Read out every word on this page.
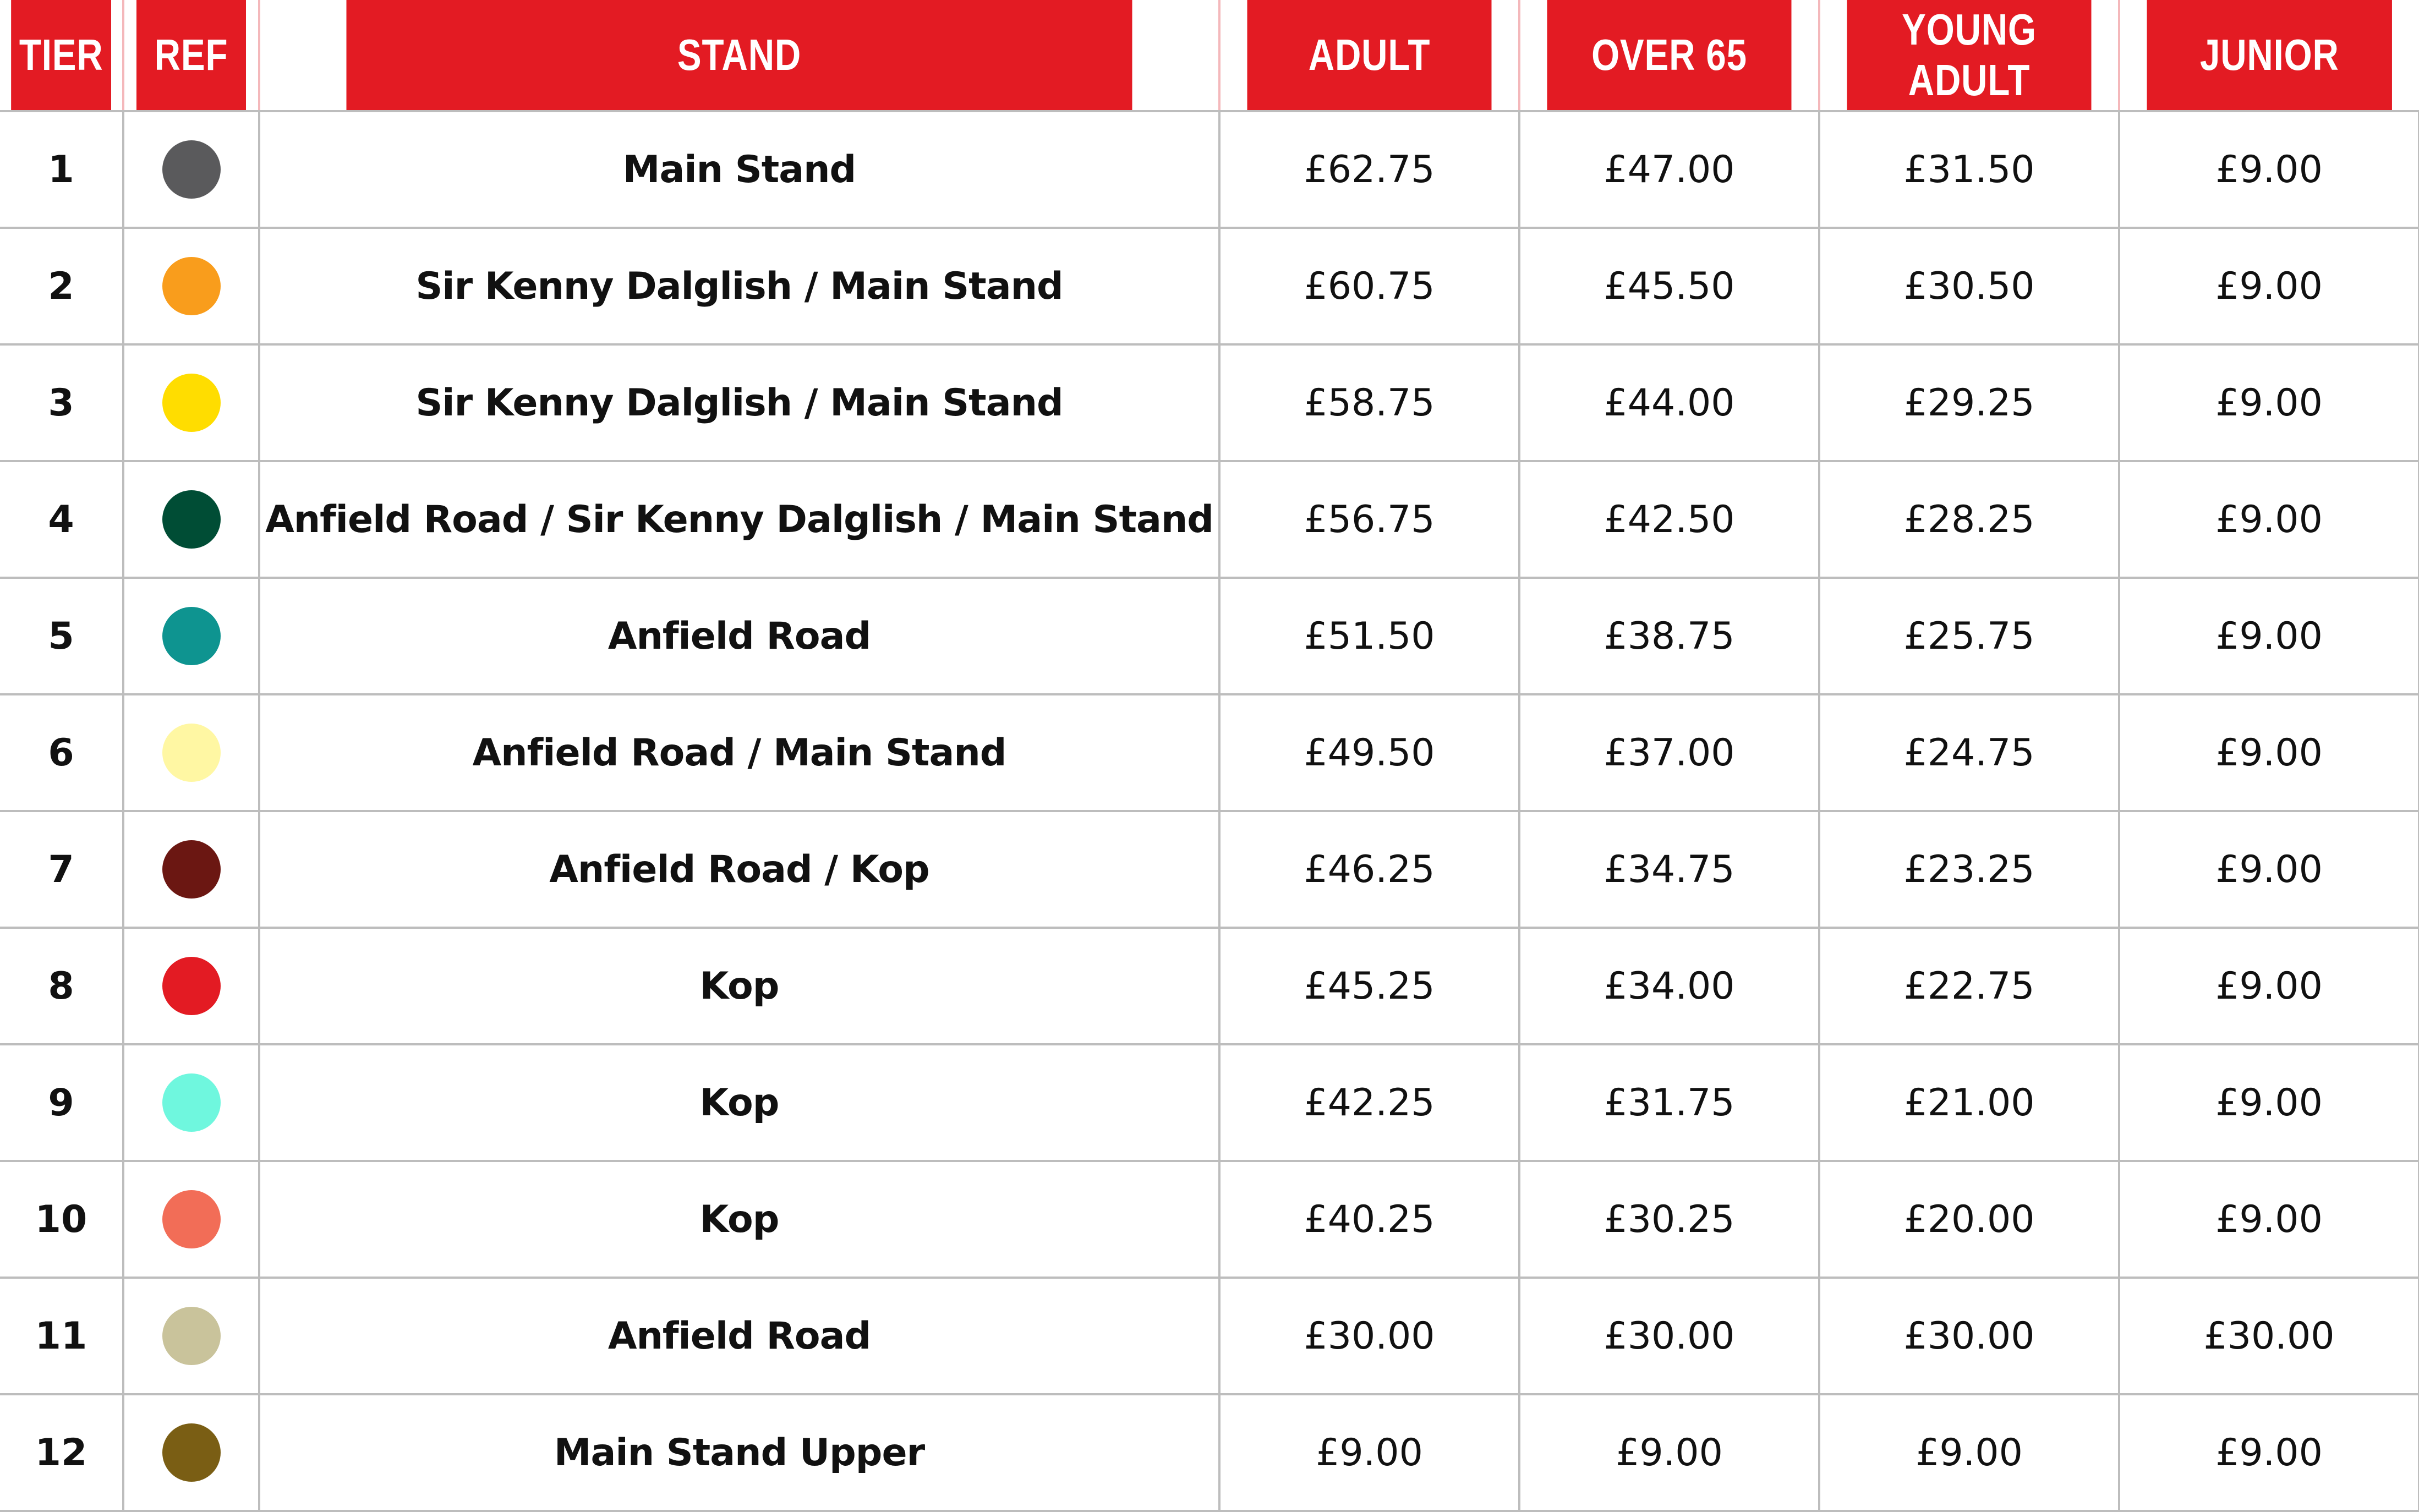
TIER	REF	STAND	ADULT	OVER 65	YOUNG ADULT	JUNIOR
1		Main Stand	£62.75	£47.00	£31.50	£9.00
2		Sir Kenny Dalglish / Main Stand	£60.75	£45.50	£30.50	£9.00
3		Sir Kenny Dalglish / Main Stand	£58.75	£44.00	£29.25	£9.00
4		Anfield Road / Sir Kenny Dalglish / Main Stand	£56.75	£42.50	£28.25	£9.00
5		Anfield Road	£51.50	£38.75	£25.75	£9.00
6		Anfield Road / Main Stand	£49.50	£37.00	£24.75	£9.00
7		Anfield Road / Kop	£46.25	£34.75	£23.25	£9.00
8		Kop	£45.25	£34.00	£22.75	£9.00
9		Kop	£42.25	£31.75	£21.00	£9.00
10		Kop	£40.25	£30.25	£20.00	£9.00
11		Anfield Road	£30.00	£30.00	£30.00	£30.00
12		Main Stand Upper	£9.00	£9.00	£9.00	£9.00
